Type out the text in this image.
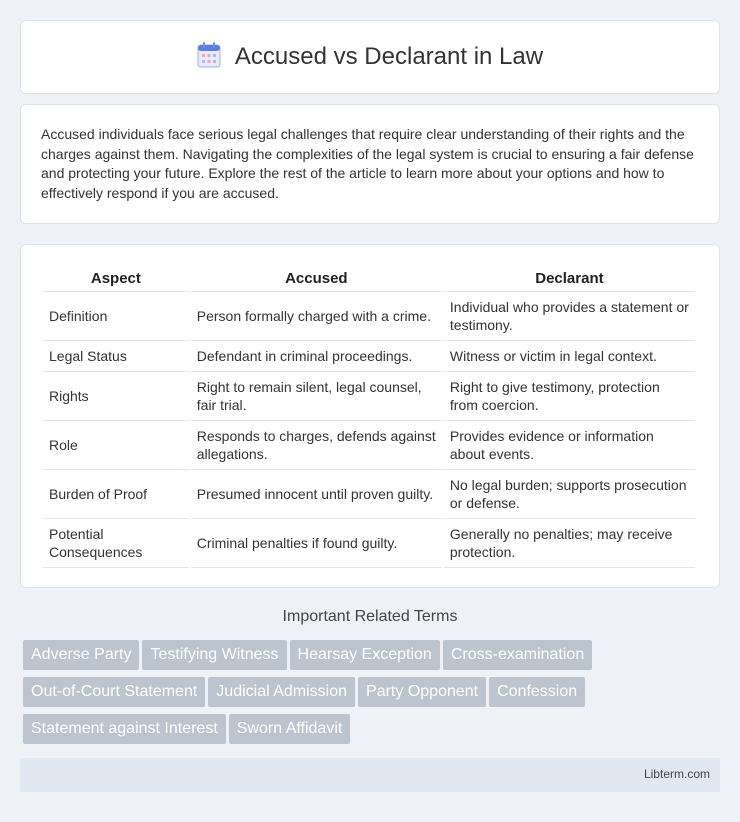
Accused vs Declarant in Law

Accused individuals face serious legal challenges that require clear understanding of their rights and the charges against them. Navigating the complexities of the legal system is crucial to ensuring a fair defense and protecting your future. Explore the rest of the article to learn more about your options and how to effectively respond if you are accused.

Aspect	Accused	Declarant
Definition	Person formally charged with a crime.	Individual who provides a statement or testimony.
Legal Status	Defendant in criminal proceedings.	Witness or victim in legal context.
Rights	Right to remain silent, legal counsel, fair trial.	Right to give testimony, protection from coercion.
Role	Responds to charges, defends against allegations.	Provides evidence or information about events.
Burden of Proof	Presumed innocent until proven guilty.	No legal burden; supports prosecution or defense.
Potential Consequences	Criminal penalties if found guilty.	Generally no penalties; may receive protection.
Important Related Terms
Adverse Party Testifying Witness Hearsay Exception Cross-examination
Out-of-Court Statement Judicial Admission Party Opponent Confession
Statement against Interest Sworn Affidavit
Libterm.com
